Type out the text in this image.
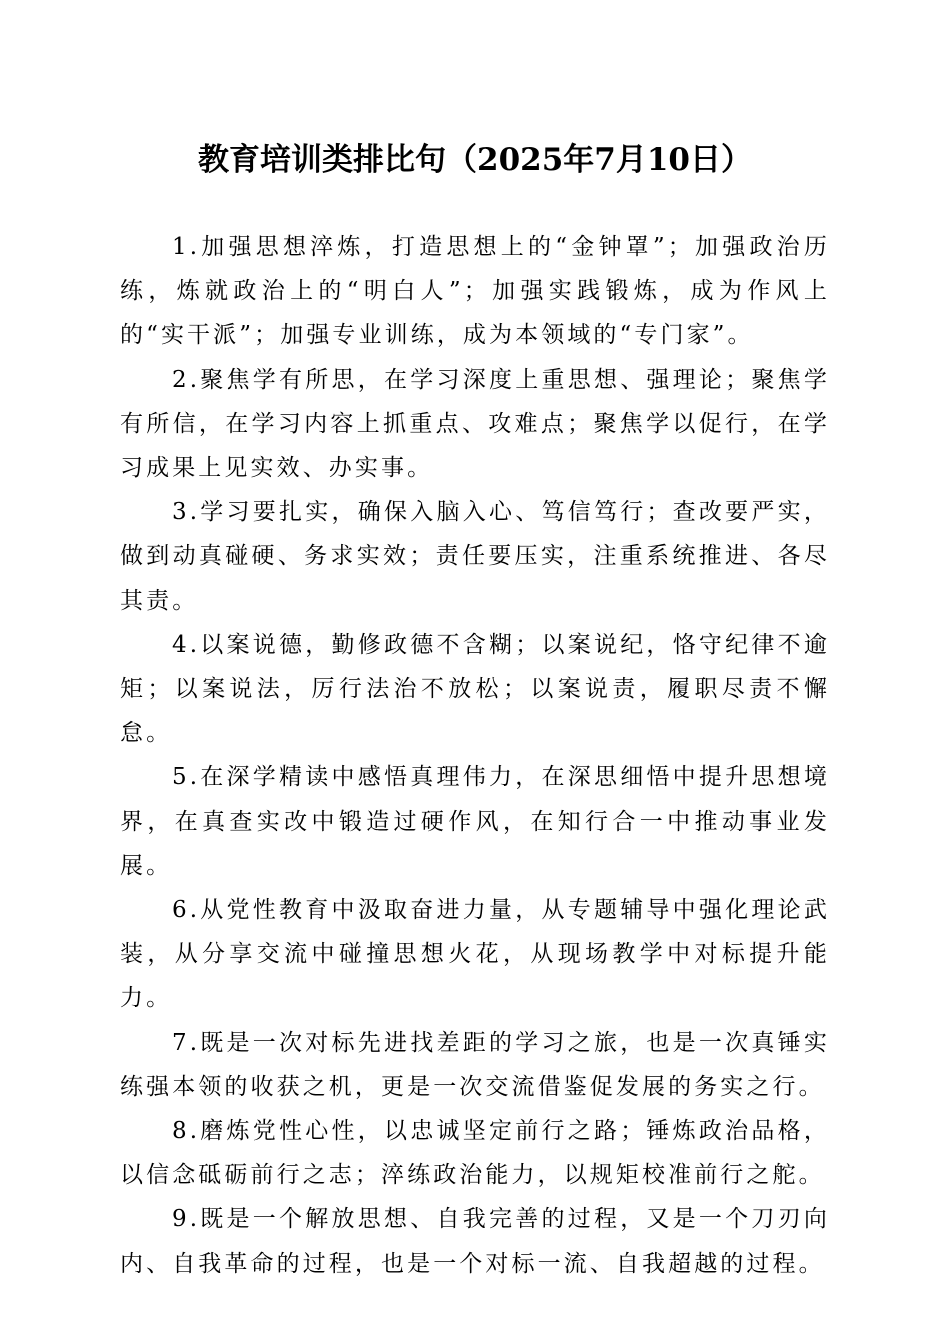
教育培训类排比句（2025年7月10日）

1.加强思想淬炼，打造思想上的“金钟罩”；加强政治历练，炼就政治上的“明白人”；加强实践锻炼，成为作风上的“实干派”；加强专业训练，成为本领域的“专门家”。

2.聚焦学有所思，在学习深度上重思想、强理论；聚焦学有所信，在学习内容上抓重点、攻难点；聚焦学以促行，在学习成果上见实效、办实事。

3.学习要扎实，确保入脑入心、笃信笃行；查改要严实，做到动真碰硬、务求实效；责任要压实，注重系统推进、各尽其责。

4.以案说德，勤修政德不含糊；以案说纪，恪守纪律不逾矩；以案说法，厉行法治不放松；以案说责，履职尽责不懈怠。

5.在深学精读中感悟真理伟力，在深思细悟中提升思想境界，在真查实改中锻造过硬作风，在知行合一中推动事业发展。

6.从党性教育中汲取奋进力量，从专题辅导中强化理论武装，从分享交流中碰撞思想火花，从现场教学中对标提升能力。

7.既是一次对标先进找差距的学习之旅，也是一次真锤实练强本领的收获之机，更是一次交流借鉴促发展的务实之行。

8.磨炼党性心性，以忠诚坚定前行之路；锤炼政治品格，以信念砥砺前行之志；淬练政治能力，以规矩校准前行之舵。

9.既是一个解放思想、自我完善的过程，又是一个刀刃向内、自我革命的过程，也是一个对标一流、自我超越的过程。
